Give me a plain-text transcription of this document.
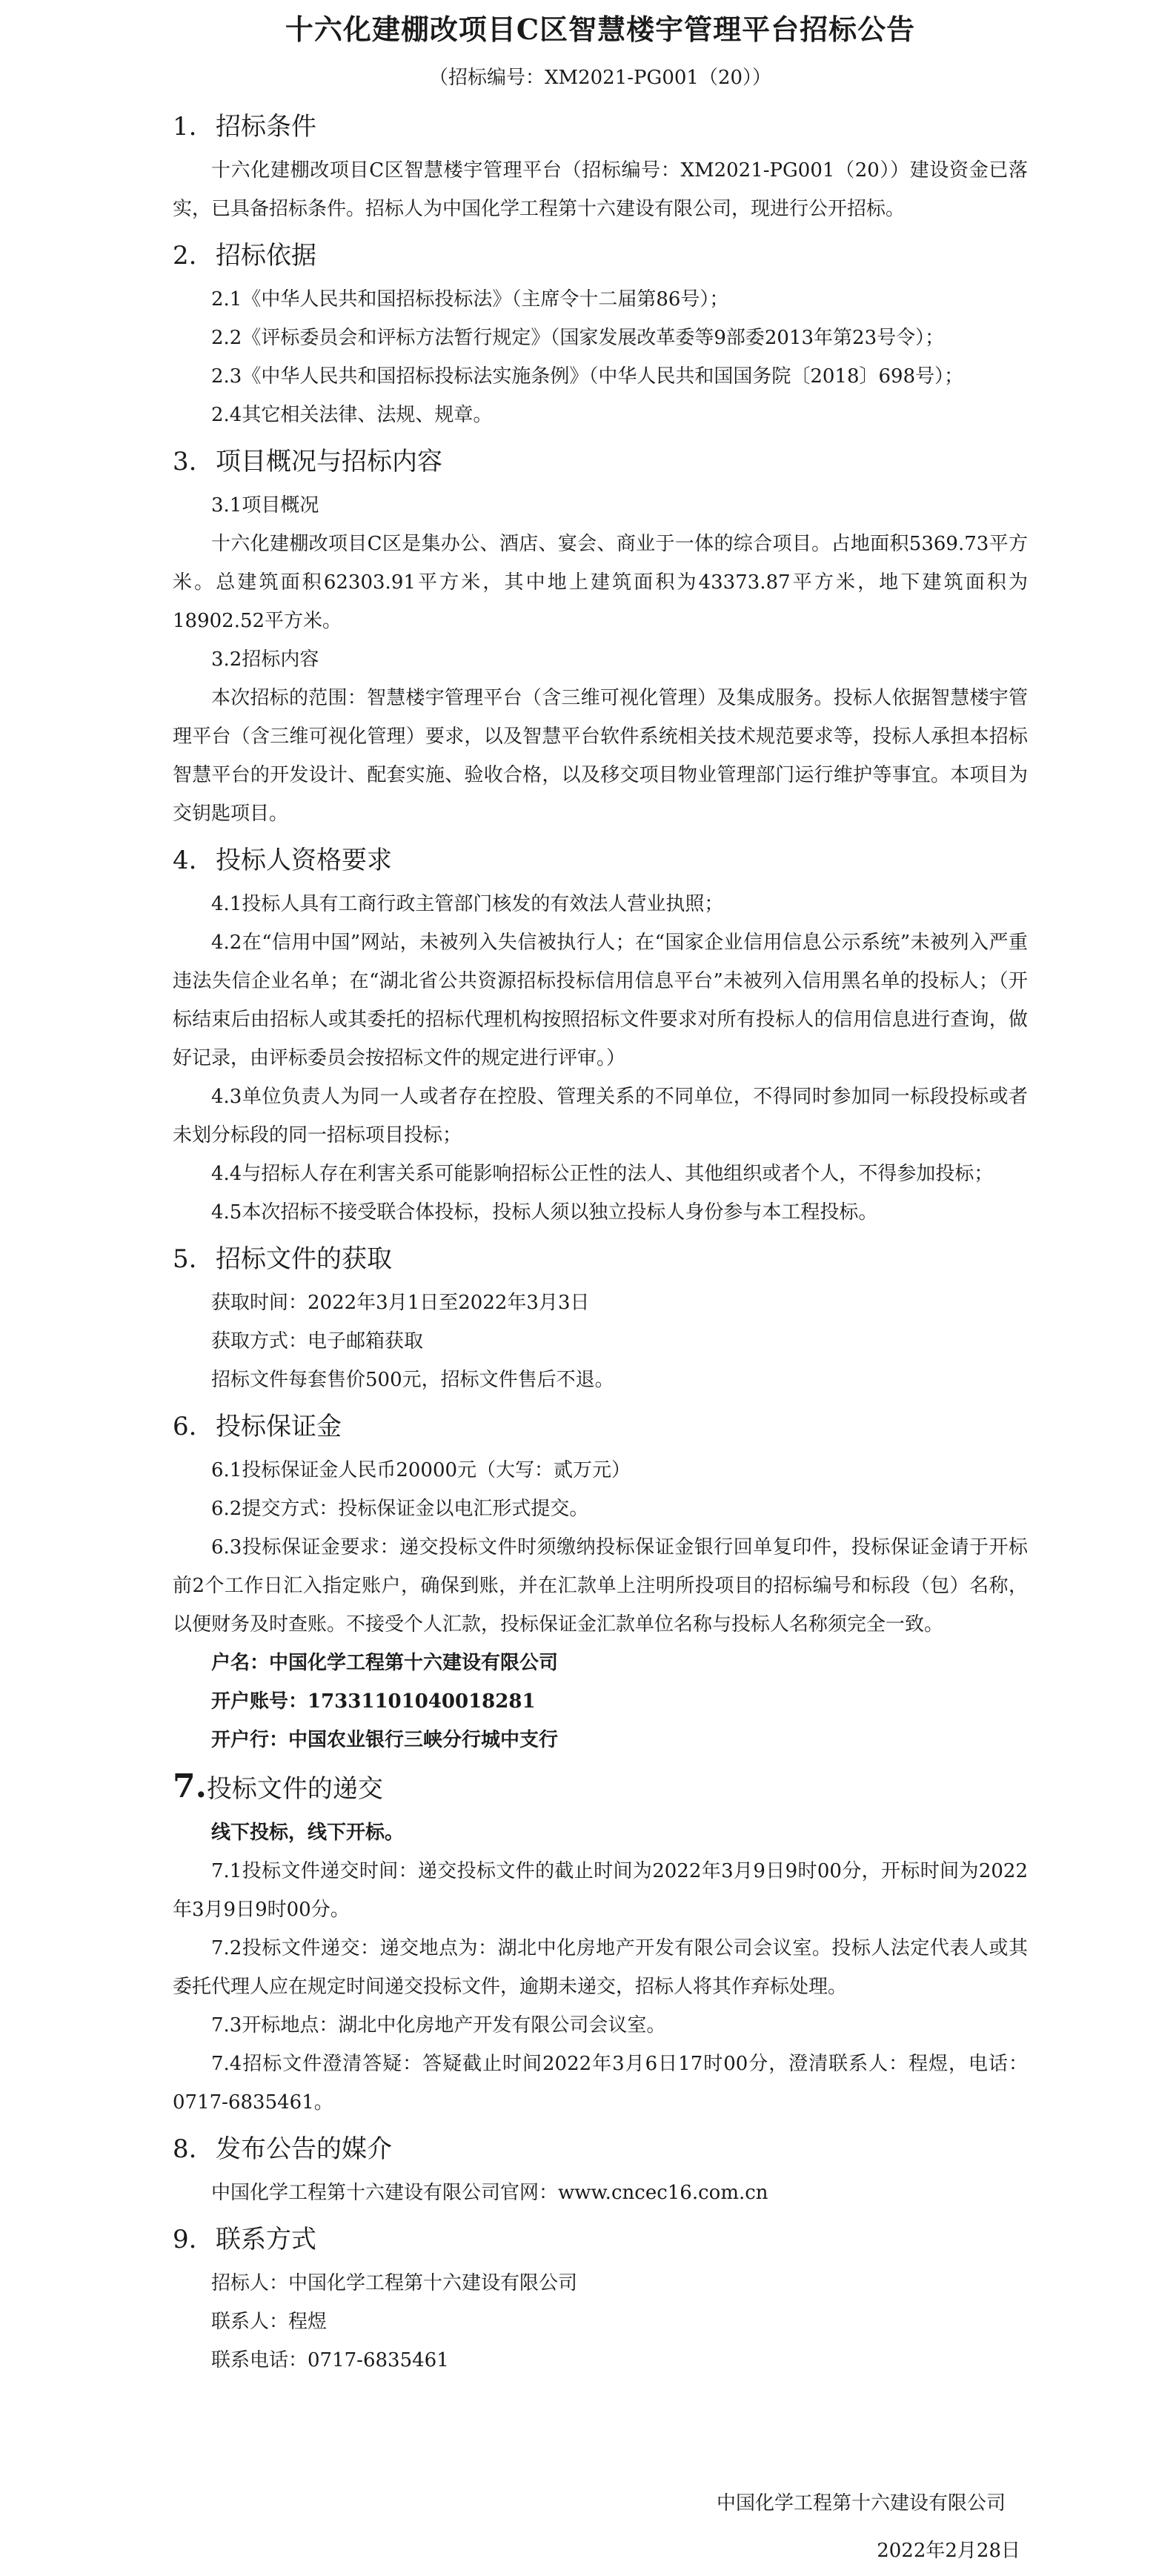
十六化建棚改项目C区智慧楼宇管理平台招标公告
（招标编号：XM2021-PG001（20））
1. 招标条件

十六化建棚改项目C区智慧楼宇管理平台（招标编号：XM2021-PG001（20））建设资金已落实，已具备招标条件。招标人为中国化学工程第十六建设有限公司，现进行公开招标。

2. 招标依据

2.1《中华人民共和国招标投标法》（主席令十二届第86号）；

2.2《评标委员会和评标方法暂行规定》（国家发展改革委等9部委2013年第23号令）；

2.3《中华人民共和国招标投标法实施条例》（中华人民共和国国务院〔2018〕698号）；

2.4其它相关法律、法规、规章。

3. 项目概况与招标内容

3.1项目概况

十六化建棚改项目C区是集办公、酒店、宴会、商业于一体的综合项目。占地面积5369.73平方米。总建筑面积62303.91平方米，其中地上建筑面积为43373.87平方米，地下建筑面积为18902.52平方米。

3.2招标内容

本次招标的范围：智慧楼宇管理平台（含三维可视化管理）及集成服务。投标人依据智慧楼宇管理平台（含三维可视化管理）要求，以及智慧平台软件系统相关技术规范要求等，投标人承担本招标智慧平台的开发设计、配套实施、验收合格，以及移交项目物业管理部门运行维护等事宜。本项目为交钥匙项目。

4. 投标人资格要求

4.1投标人具有工商行政主管部门核发的有效法人营业执照；

4.2在“信用中国”网站，未被列入失信被执行人；在“国家企业信用信息公示系统”未被列入严重违法失信企业名单；在“湖北省公共资源招标投标信用信息平台”未被列入信用黑名单的投标人；（开标结束后由招标人或其委托的招标代理机构按照招标文件要求对所有投标人的信用信息进行查询，做好记录，由评标委员会按招标文件的规定进行评审。）

4.3单位负责人为同一人或者存在控股、管理关系的不同单位，不得同时参加同一标段投标或者未划分标段的同一招标项目投标；

4.4与招标人存在利害关系可能影响招标公正性的法人、其他组织或者个人，不得参加投标；

4.5本次招标不接受联合体投标，投标人须以独立投标人身份参与本工程投标。

5. 招标文件的获取

获取时间：2022年3月1日至2022年3月3日

获取方式：电子邮箱获取

招标文件每套售价500元，招标文件售后不退。

6. 投标保证金

6.1投标保证金人民币20000元（大写：贰万元）

6.2提交方式：投标保证金以电汇形式提交。

6.3投标保证金要求：递交投标文件时须缴纳投标保证金银行回单复印件，投标保证金请于开标前2个工作日汇入指定账户，确保到账，并在汇款单上注明所投项目的招标编号和标段（包）名称，以便财务及时查账。不接受个人汇款，投标保证金汇款单位名称与投标人名称须完全一致。

户名：中国化学工程第十六建设有限公司

开户账号：17331101040018281

开户行：中国农业银行三峡分行城中支行

7.投标文件的递交

线下投标，线下开标。

7.1投标文件递交时间：递交投标文件的截止时间为2022年3月9日9时00分，开标时间为2022年3月9日9时00分。

7.2投标文件递交：递交地点为：湖北中化房地产开发有限公司会议室。投标人法定代表人或其委托代理人应在规定时间递交投标文件，逾期未递交，招标人将其作弃标处理。

7.3开标地点：湖北中化房地产开发有限公司会议室。

7.4招标文件澄清答疑：答疑截止时间2022年3月6日17时00分，澄清联系人：程煜，电话：0717-6835461。

8. 发布公告的媒介

中国化学工程第十六建设有限公司官网：www.cncec16.com.cn

9. 联系方式

招标人：中国化学工程第十六建设有限公司

联系人：程煜

联系电话：0717-6835461

中国化学工程第十六建设有限公司
2022年2月28日
